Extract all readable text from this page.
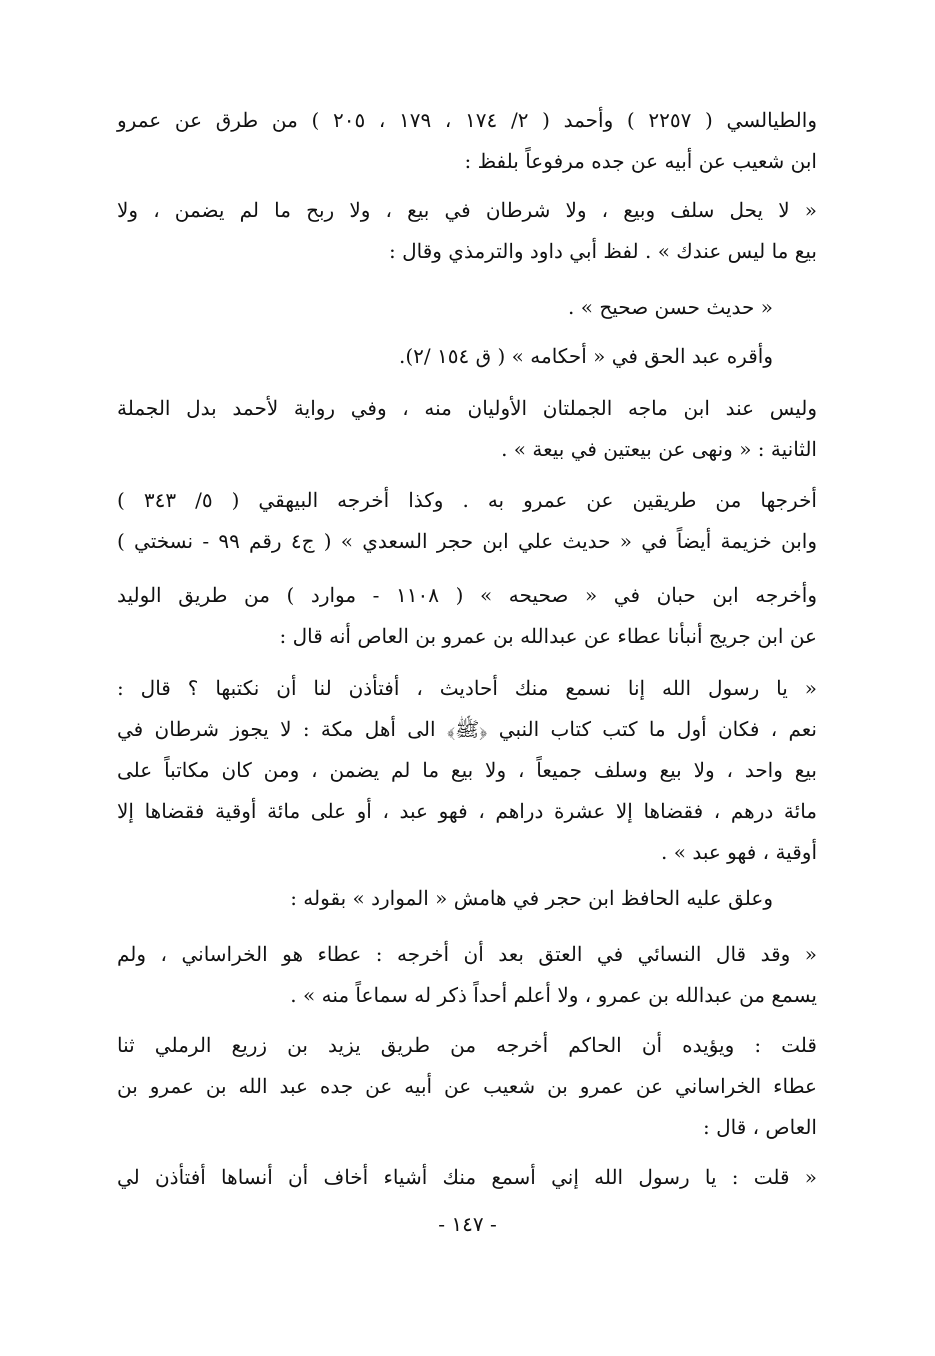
والطيالسي ( ٢٢٥٧ ) وأحمد ( ٢/ ١٧٤ ، ١٧٩ ، ٢٠٥ ) من طرق عن عمرو
ابن شعيب عن أبيه عن جده مرفوعاً بلفظ :
« لا يحل سلف وبيع ، ولا شرطان في بيع ، ولا ربح ما لم يضمن ، ولا
بيع ما ليس عندك » . لفظ أبي داود والترمذي وقال :
« حديث حسن صحيح » .
وأقره عبد الحق في « أحكامه » ( ق ١٥٤ /٢).
وليس عند ابن ماجه الجملتان الأوليان منه ، وفي رواية لأحمد بدل الجملة
الثانية : « ونهى عن بيعتين في بيعة » .
أخرجها من طريقين عن عمرو به . وكذا أخرجه البيهقي ( ٥/ ٣٤٣ )
وابن خزيمة أيضاً في « حديث علي ابن حجر السعدي » ( ج٤ رقم ٩٩ - نسختي )
وأخرجه ابن حبان في « صحيحه » ( ١١٠٨ - موارد ) من طريق الوليد
عن ابن جريج أنبأنا عطاء عن عبدالله بن عمرو بن العاص أنه قال :
« يا رسول الله إنا نسمع منك أحاديث ، أفتأذن لنا أن نكتبها ؟ قال :
نعم ، فكان أول ما كتب كتاب النبي ﴿ﷺ﴾ الى أهل مكة : لا يجوز شرطان في
بيع واحد ، ولا بيع وسلف جميعاً ، ولا بيع ما لم يضمن ، ومن كان مكاتباً على
مائة درهم ، فقضاها إلا عشرة دراهم ، فهو عبد ، أو على مائة أوقية فقضاها إلا
أوقية ، فهو عبد » .
وعلق عليه الحافظ ابن حجر في هامش « الموارد » بقوله :
« وقد قال النسائي في العتق بعد أن أخرجه : عطاء هو الخراساني ، ولم
يسمع من عبدالله بن عمرو ، ولا أعلم أحداً ذكر له سماعاً منه » .
قلت : ويؤيده أن الحاكم أخرجه من طريق يزيد بن زريع الرملي ثنا
عطاء الخراساني عن عمرو بن شعيب عن أبيه عن جده عبد الله بن عمرو بن
العاص ، قال :
« قلت : يا رسول الله إني أسمع منك أشياء أخاف أن أنساها أفتأذن لي
- ١٤٧ -
